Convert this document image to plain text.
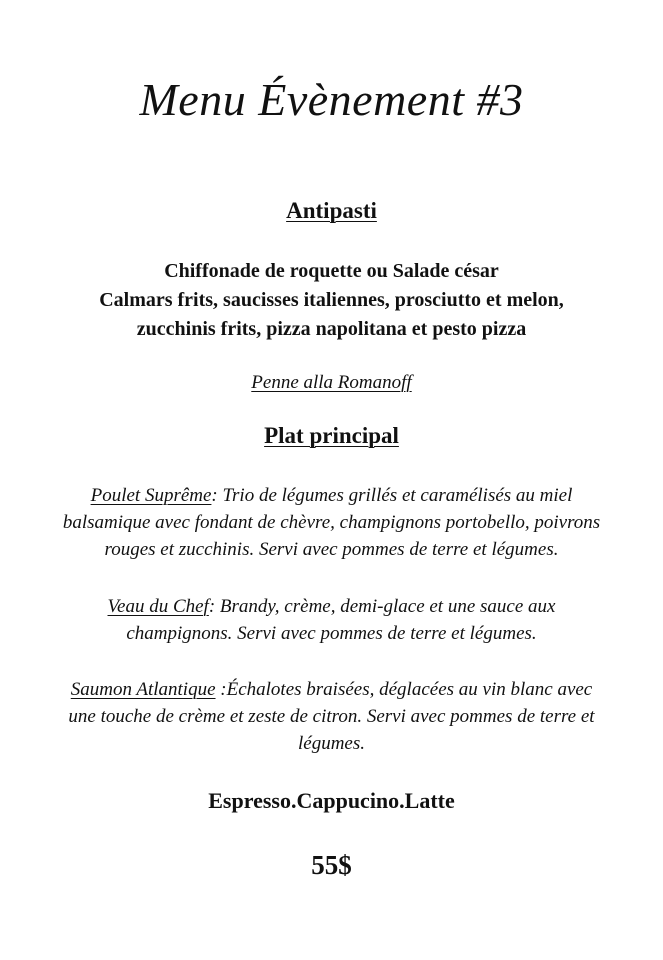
Menu Évènement #3
Antipasti
Chiffonade de roquette ou Salade césar
Calmars frits, saucisses italiennes, prosciutto et melon,
zucchinis frits, pizza napolitana et pesto pizza
Penne alla Romanoff
Plat principal
Poulet Suprême: Trio de légumes grillés et caramélisés au miel
balsamique avec fondant de chèvre, champignons portobello, poivrons
rouges et zucchinis. Servi avec pommes de terre et légumes.
Veau du Chef: Brandy, crème, demi-glace et une sauce aux
champignons. Servi avec pommes de terre et légumes.
Saumon Atlantique :Échalotes braisées, déglacées au vin blanc avec
une touche de crème et zeste de citron. Servi avec pommes de terre et
légumes.
Espresso.Cappucino.Latte
55$
